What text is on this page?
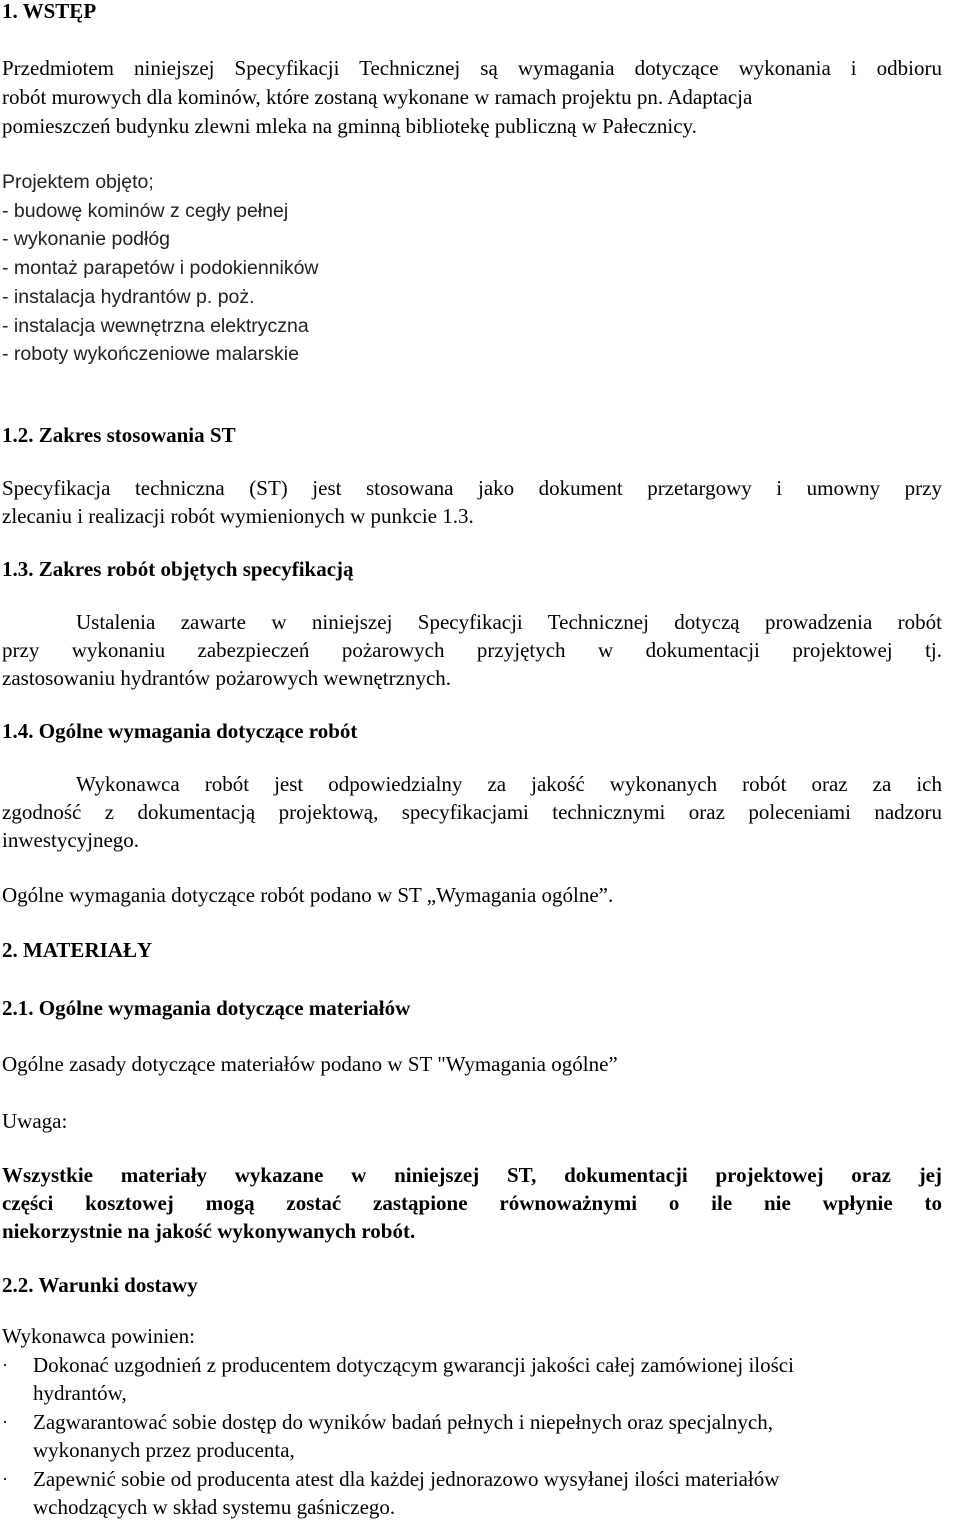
1. WSTĘP
Przedmiotem niniejszej Specyfikacji Technicznej są wymagania dotyczące wykonania i odbioru
robót murowych dla kominów, które zostaną wykonane w ramach projektu pn. Adaptacja
pomieszczeń budynku zlewni mleka na gminną bibliotekę publiczną w Pałecznicy.
Projektem objęto;
- budowę kominów z cegły pełnej
- wykonanie podłóg
- montaż parapetów i podokienników
- instalacja hydrantów p. poż.
- instalacja wewnętrzna elektryczna
- roboty wykończeniowe malarskie
1.2. Zakres stosowania ST
Specyfikacja techniczna (ST) jest stosowana jako dokument przetargowy i umowny przy
zlecaniu i realizacji robót wymienionych w punkcie 1.3.
1.3. Zakres robót objętych specyfikacją
Ustalenia zawarte w niniejszej Specyfikacji Technicznej dotyczą prowadzenia robót
przy wykonaniu zabezpieczeń pożarowych przyjętych w dokumentacji projektowej tj.
zastosowaniu hydrantów pożarowych wewnętrznych.
1.4. Ogólne wymagania dotyczące robót
Wykonawca robót jest odpowiedzialny za jakość wykonanych robót oraz za ich
zgodność z dokumentacją projektową, specyfikacjami technicznymi oraz poleceniami nadzoru
inwestycyjnego.
Ogólne wymagania dotyczące robót podano w ST „Wymagania ogólne”.
2. MATERIAŁY
2.1. Ogólne wymagania dotyczące materiałów
Ogólne zasady dotyczące materiałów podano w ST "Wymagania ogólne”
Uwaga:
Wszystkie materiały wykazane w niniejszej ST, dokumentacji projektowej oraz jej
części kosztowej mogą zostać zastąpione równoważnymi o ile nie wpłynie to
niekorzystnie na jakość wykonywanych robót.
2.2. Warunki dostawy
Wykonawca powinien:
· Dokonać uzgodnień z producentem dotyczącym gwarancji jakości całej zamówionej ilości
hydrantów,
· Zagwarantować sobie dostęp do wyników badań pełnych i niepełnych oraz specjalnych,
wykonanych przez producenta,
· Zapewnić sobie od producenta atest dla każdej jednorazowo wysyłanej ilości materiałów
wchodzących w skład systemu gaśniczego.
